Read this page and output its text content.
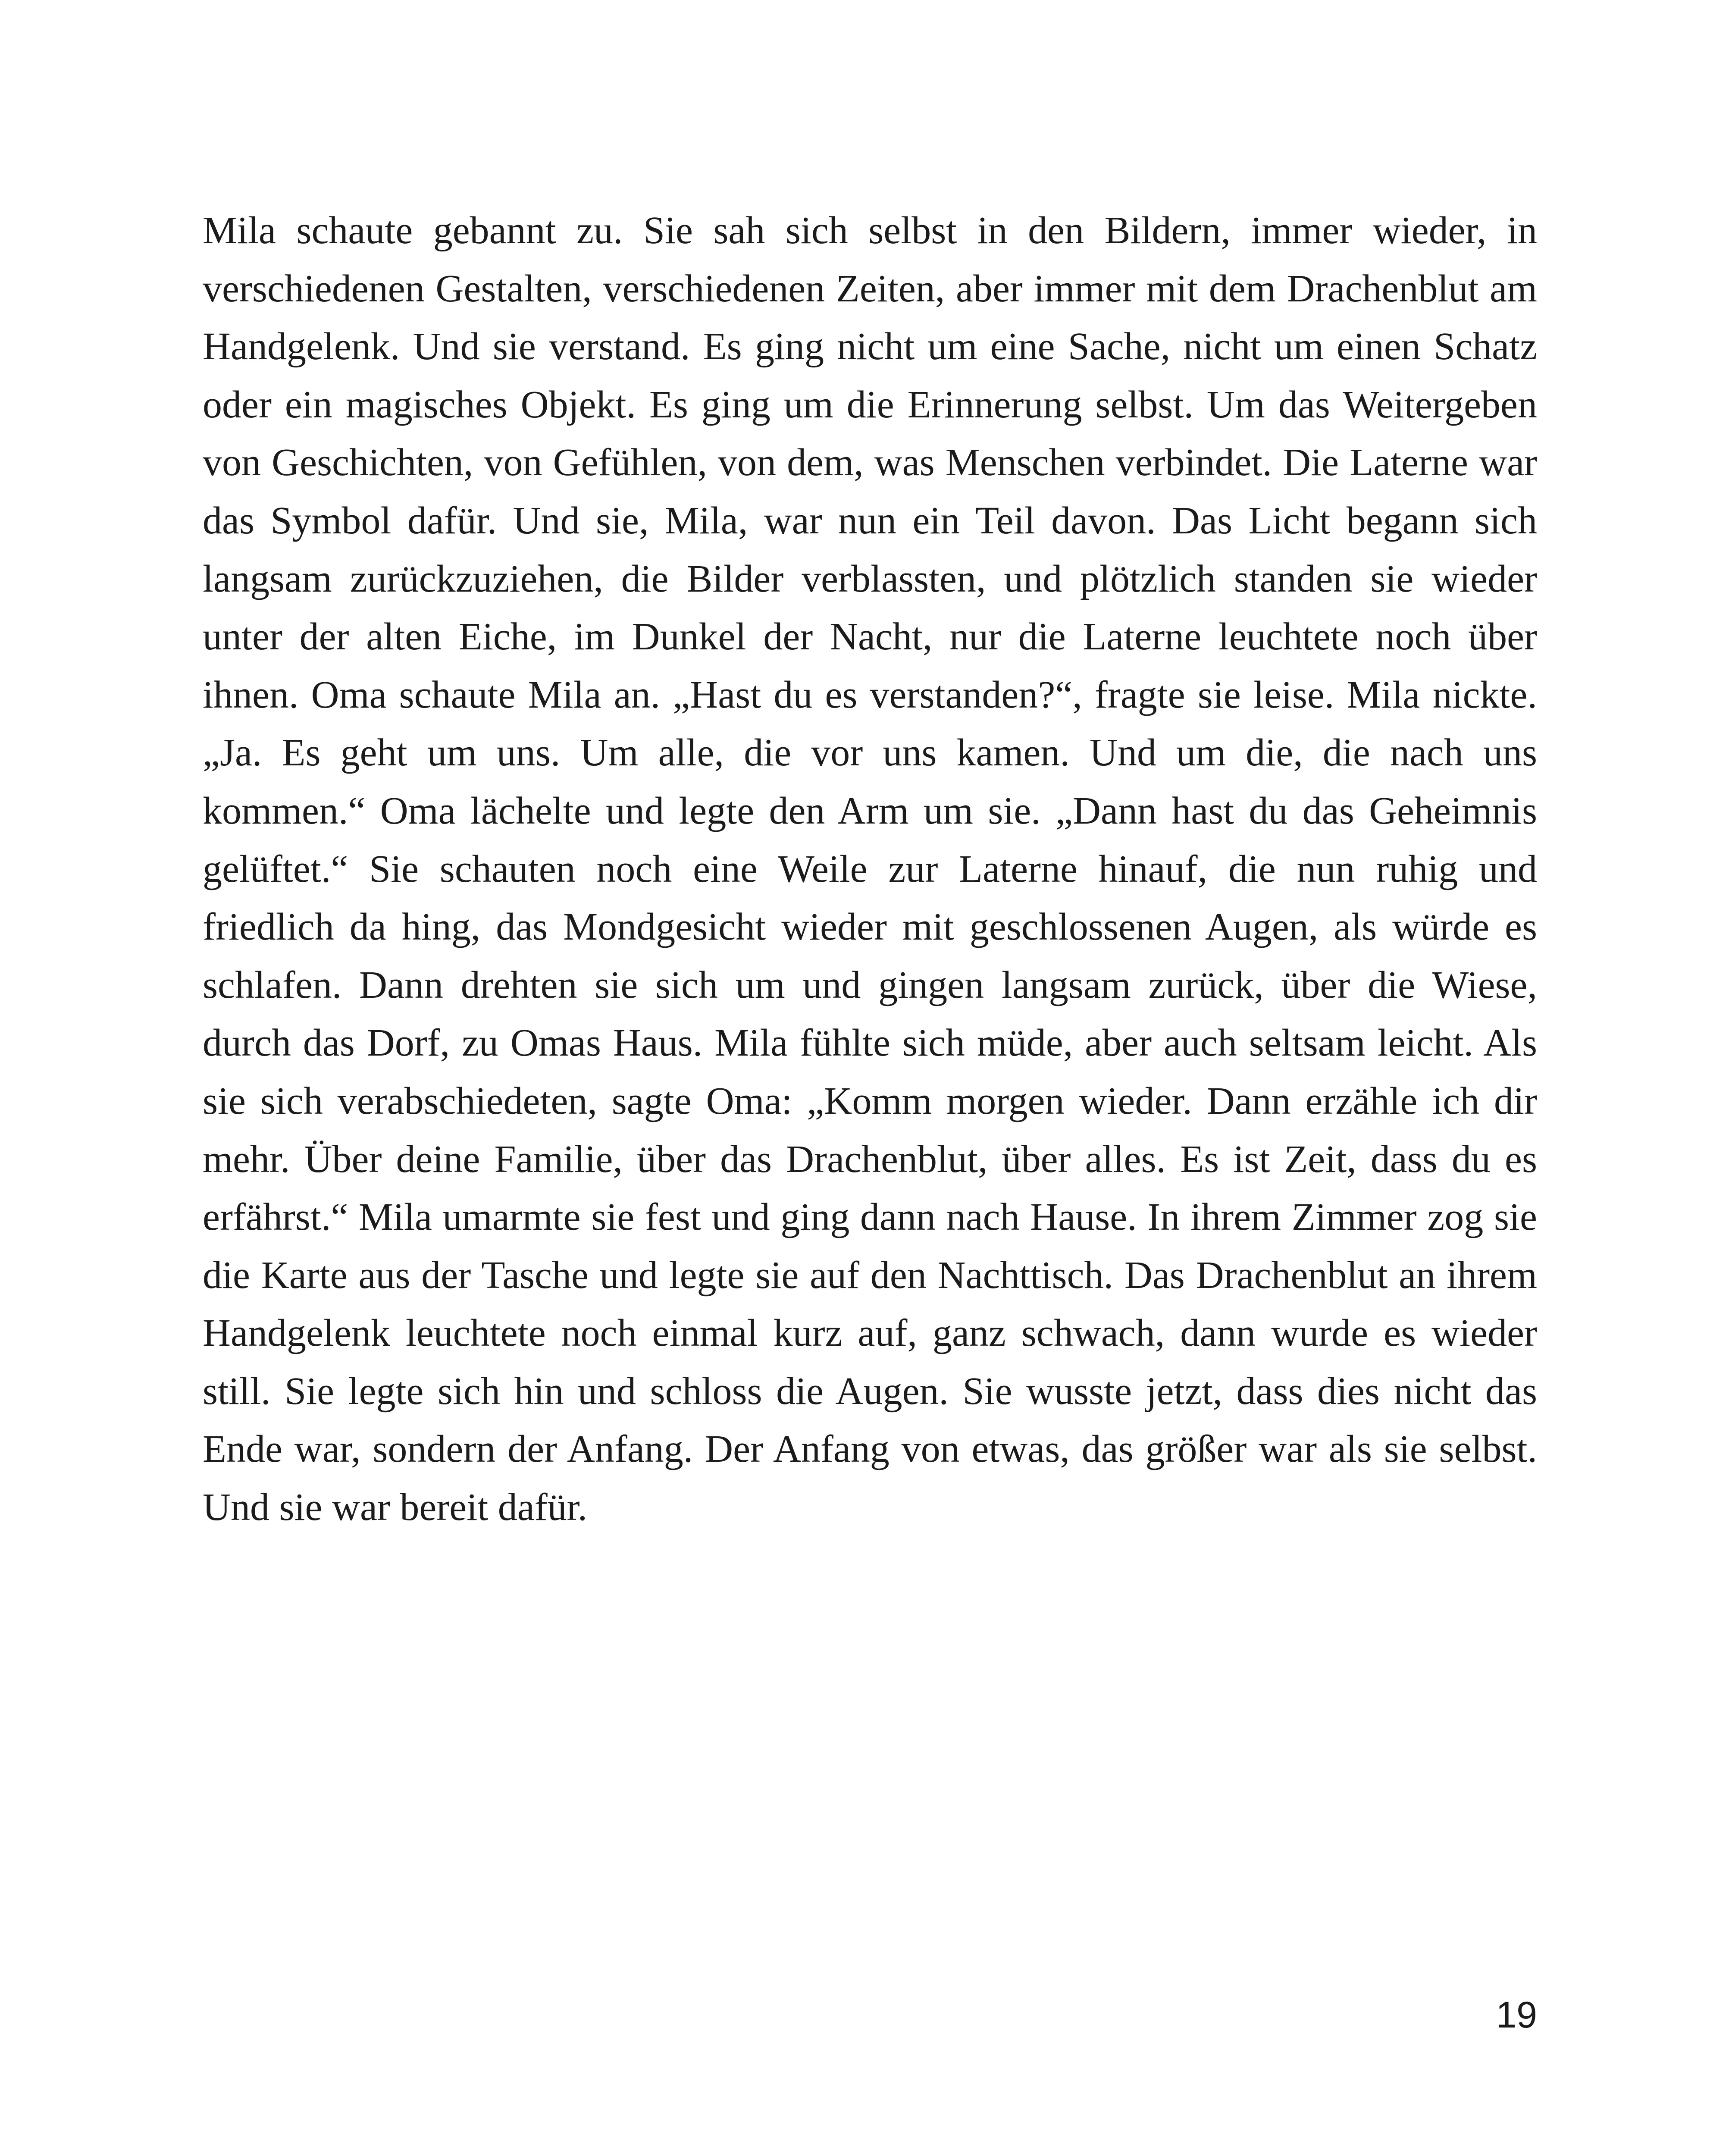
Mila schaute gebannt zu. Sie sah sich selbst in den Bildern, immer wieder, in verschiedenen Gestalten, verschiedenen Zeiten, aber immer mit dem Drachenblut am Handgelenk. Und sie verstand. Es ging nicht um eine Sache, nicht um einen Schatz oder ein magisches Objekt. Es ging um die Erinnerung selbst. Um das Weitergeben von Geschichten, von Gefühlen, von dem, was Menschen verbindet. Die Laterne war das Symbol dafür. Und sie, Mila, war nun ein Teil davon. Das Licht begann sich langsam zurückzuziehen, die Bilder verblassten, und plötzlich standen sie wieder unter der alten Eiche, im Dunkel der Nacht, nur die Laterne leuchtete noch über ihnen. Oma schaute Mila an. „Hast du es verstanden?“, fragte sie leise. Mila nickte. „Ja. Es geht um uns. Um alle, die vor uns kamen. Und um die, die nach uns kommen.“ Oma lächelte und legte den Arm um sie. „Dann hast du das Geheimnis gelüftet.“ Sie schauten noch eine Weile zur Laterne hinauf, die nun ruhig und friedlich da hing, das Mondgesicht wieder mit geschlossenen Augen, als würde es schlafen. Dann drehten sie sich um und gingen langsam zurück, über die Wiese, durch das Dorf, zu Omas Haus. Mila fühlte sich müde, aber auch seltsam leicht. Als sie sich verabschiedeten, sagte Oma: „Komm morgen wieder. Dann erzähle ich dir mehr. Über deine Familie, über das Drachenblut, über alles. Es ist Zeit, dass du es erfährst.“ Mila umarmte sie fest und ging dann nach Hause. In ihrem Zimmer zog sie die Karte aus der Tasche und legte sie auf den Nachttisch. Das Drachenblut an ihrem Handgelenk leuchtete noch einmal kurz auf, ganz schwach, dann wurde es wieder still. Sie legte sich hin und schloss die Augen. Sie wusste jetzt, dass dies nicht das Ende war, sondern der Anfang. Der Anfang von etwas, das größer war als sie selbst. Und sie war bereit dafür.

19
